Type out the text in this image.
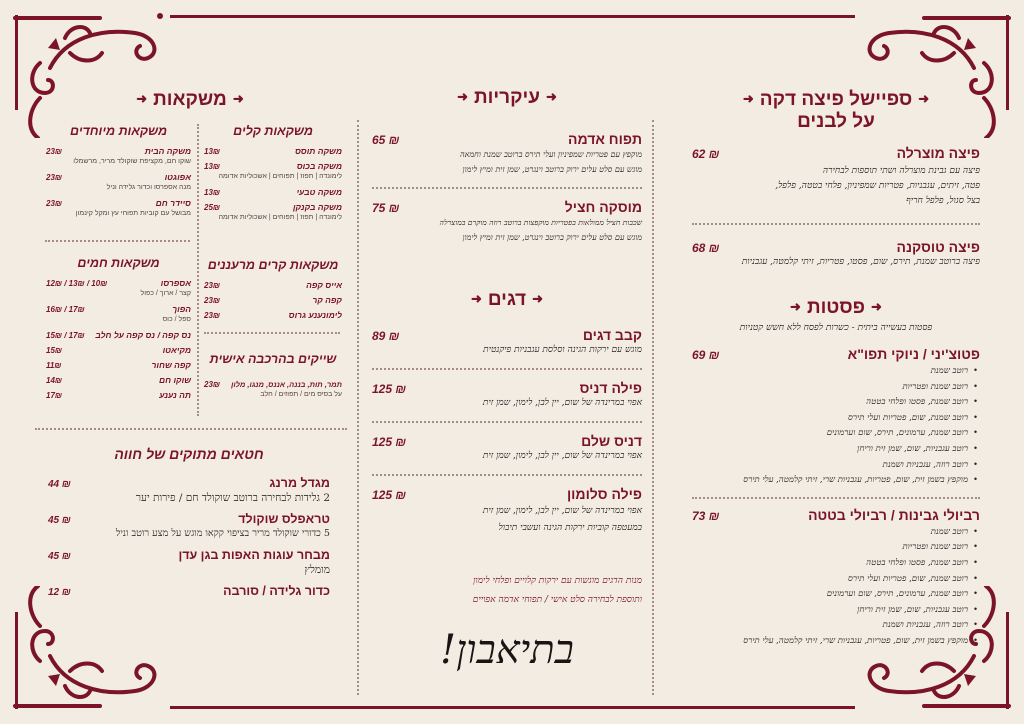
➜ספיישל פיצה דקה➜
על לבנים
פיצה מוצרלה
62 ₪
פיצה עם גבינת מוצרלה ושתי תוספות לבחירה
פטה, זיתים, עגבניות, פטריות שמפיניון, פלחי בטטה, פלפל,
בצל סגול, פלפל חריף
פיצה טוסקנה
68 ₪
פיצה ברוטב שמנת, תירס, שום, פסטו, פטריות, זיתי קלמטה, עגבניות
➜פסטות➜
פסטות בעשייה ביתית - כשרות לפסח ללא חשש קטניות
פטוצ'יני / ניוקי תפו"א
69 ₪
• רוטב שמנת
• רוטב שמנת ופטריות
• רוטב שמנת, פסטו ופלחי בטטה
• רוטב שמנת, שום, פטריות ועלי תירס
• רוטב שמנת, ערמונים, תירס, שום וערמונים
• רוטב עגבניות, שום, שמן זית וריחן
• רוטב רוזה, עגבניות ושמנת
• מוקפץ בשמן זית, שום, פטריות, עגבניות שרי, זיתי קלמטה, עלי תירס
רביולי גבינות / רביולי בטטה
73 ₪
• רוטב שמנת
• רוטב שמנת ופטריות
• רוטב שמנת, פסטו ופלחי בטטה
• רוטב שמנת, שום, פטריות ועלי תירס
• רוטב שמנת, ערמונים, תירס, שום וערמונים
• רוטב עגבניות, שום, שמן זית וריחן
• רוטב רוזה, עגבניות ושמנת
• מוקפץ בשמן זית, שום, פטריות, עגבניות שרי, זיתי קלמטה, עלי תירס
➜עיקריות➜
תפוח אדמה
65 ₪
מוקפץ עם פטריות שמפיניון ועלי תירס ברוטב שמנת וחמאה
מוגש עם סלט עלים ירוק ברוטב וינגרט, שמן זית ומיץ לימון
מוסקה חציל
75 ₪
שכבות חציל ממולאות בפטריות מוקפצות ברוטב רוזה מוקרם במוצרלה
מוגש עם סלט עלים ירוק ברוטב וינגרט, שמן זית ומיץ לימון
➜דגים➜
קבב דגים
89 ₪
מוגש עם ירקות הגינה וסלסת עגבניות פיקנטית
פילה דניס
125 ₪
אפוי במרינדה של שום, יין לבן, לימון, שמן זית
דניס שלם
125 ₪
אפוי במרינדה של שום, יין לבן, לימון, שמן זית
פילה סלומון
125 ₪
אפוי במרינדה של שום, יין לבן, לימון, שמן זית
במעטפה קוביות ירקות הגינה ועשבי תיבול
מנות הדגים מוגשות עם ירקות קלויים ופלחי לימון
ותוספת לבחירה סלט אישי / תפוחי אדמה אפויים
בתיאבון!
➜משקאות➜
משקאות קלים
משקה תוסס
13₪
משקה בכוס
13₪
לימונדה | תפוז | תפוחים | אשכוליות אדומה
משקה טבעי
13₪
משקה בקנקן
25₪
לימונדה | תפוז | תפוחים | אשכוליות אדומה
משקאות קרים מרעננים
אייס קפה
23₪
קפה קר
23₪
לימונענע גרוס
23₪
שייקים בהרכבה אישית
תמר, תות, בננה, אננס, מנגו, מלון
23₪
על בסיס מים / תפוזים / חלב
משקאות מיוחדים
משקה הבית
23₪
שוקו חם, מקציפת שוקולד מריר, מרשמלו
אפוגטו
23₪
מנה אספרסו וכדור גלידה וניל
סיידר חם
23₪
מבושל עם קוביות תפוחי עץ ומקל קינמון
משקאות חמים
אספרסו
12₪ / 13₪ / 10₪
קצר / ארוך / כפול
הפוך
16₪ / 17₪
ספל / כוס
נס קפה / נס קפה על חלב
15₪ / 17₪
מקיאטו
15₪
קפה שחור
11₪
שוקו חם
14₪
תה נענע
17₪
חטאים מתוקים של חווה
מגדל מרנג
44 ₪
2 גלידות לבחירה ברוטב שוקולד חם / פירות יער
טראפלס שוקולד
45 ₪
5 כדורי שוקולד מריר בציפוי קקאו מוגש על מצע רוטב וניל
מבחר עוגות האפות בגן עדן
45 ₪
מומלץ
כדור גלידה / סורבה
12 ₪
